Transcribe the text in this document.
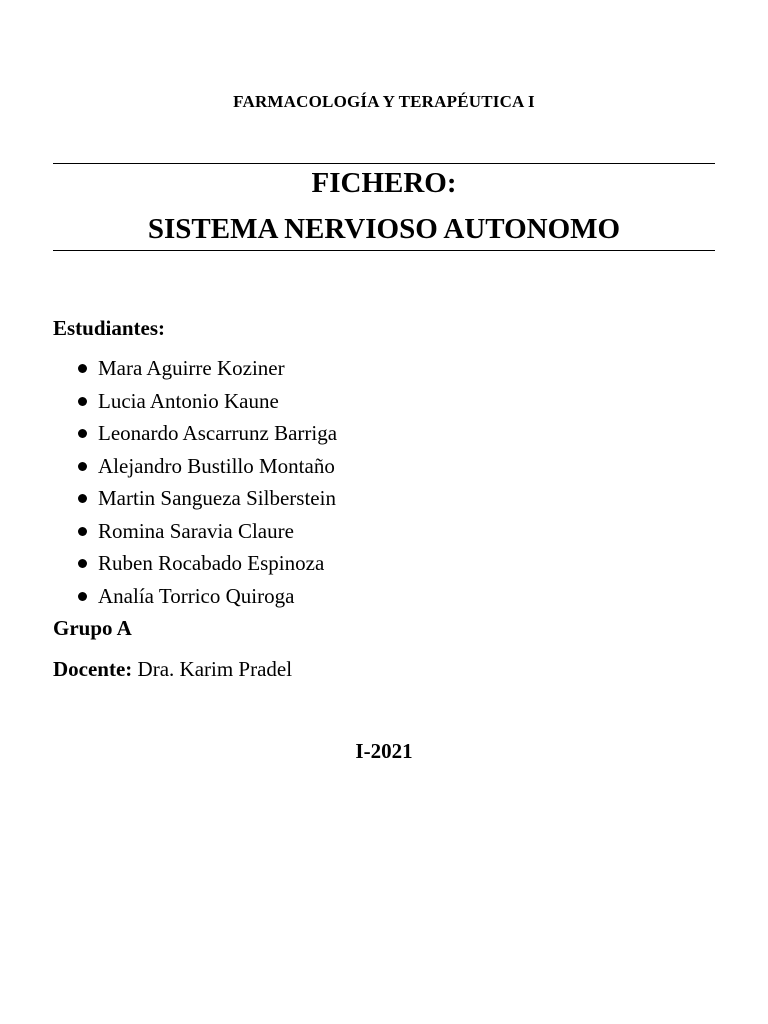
FARMACOLOGÍA Y TERAPÉUTICA I
FICHERO:
SISTEMA NERVIOSO AUTONOMO
Estudiantes:
Mara Aguirre Koziner
Lucia Antonio Kaune
Leonardo Ascarrunz Barriga
Alejandro Bustillo Montaño
Martin Sangueza Silberstein
Romina Saravia Claure
Ruben Rocabado Espinoza
Analía Torrico Quiroga
Grupo A
Docente: Dra. Karim Pradel
I-2021
